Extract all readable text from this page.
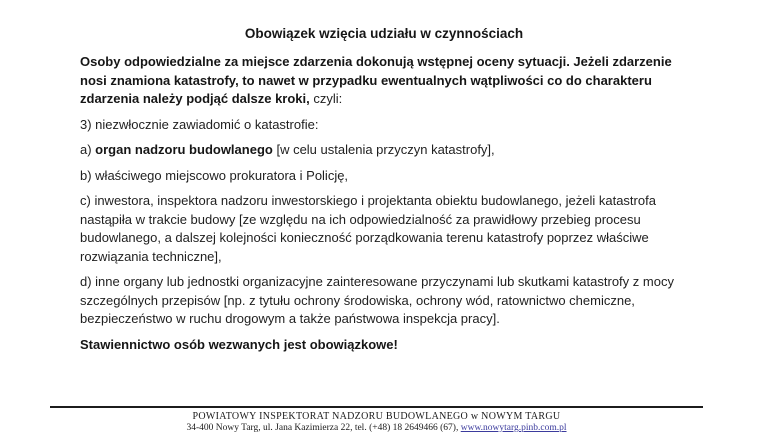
Obowiązek wzięcia udziału w czynnościach

Osoby odpowiedzialne za miejsce zdarzenia dokonują wstępnej oceny sytuacji. Jeżeli zdarzenie nosi znamiona katastrofy, to nawet w przypadku ewentualnych wątpliwości co do charakteru zdarzenia należy podjąć dalsze kroki, czyli:

3) niezwłocznie zawiadomić o katastrofie:

a) organ nadzoru budowlanego [w celu ustalenia przyczyn katastrofy],

b) właściwego miejscowo prokuratora i Policję,

c) inwestora, inspektora nadzoru inwestorskiego i projektanta obiektu budowlanego, jeżeli katastrofa nastąpiła w trakcie budowy [ze względu na ich odpowiedzialność za prawidłowy przebieg procesu budowlanego, a dalszej kolejności konieczność porządkowania terenu katastrofy poprzez właściwe rozwiązania techniczne],

d) inne organy lub jednostki organizacyjne zainteresowane przyczynami lub skutkami katastrofy z mocy szczególnych przepisów [np. z tytułu ochrony środowiska, ochrony wód, ratownictwo chemiczne, bezpieczeństwo w ruchu drogowym a także państwowa inspekcja pracy].

Stawiennictwo osób wezwanych jest obowiązkowe!

POWIATOWY INSPEKTORAT NADZORU BUDOWLANEGO w NOWYM TARGU
34-400 Nowy Targ, ul. Jana Kazimierza 22, tel. (+48) 18 2649466 (67), www.nowytarg.pinb.com.pl
